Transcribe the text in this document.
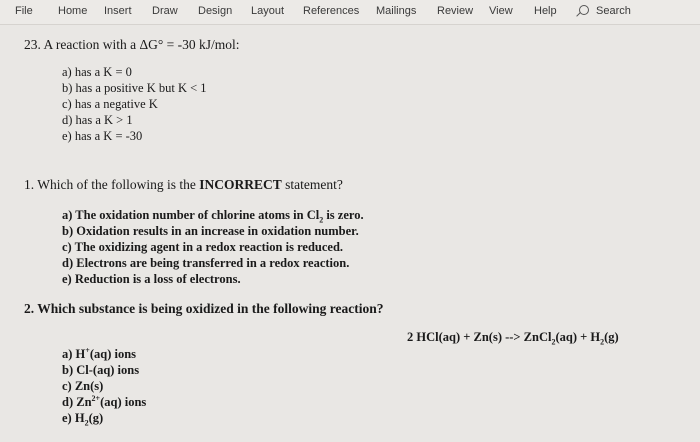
File Home Insert Draw Design Layout References Mailings Review View Help	Search
23. A reaction with a ΔG° = -30 kJ/mol:
a) has a K = 0
b) has a positive K but K < 1
c) has a negative K
d) has a K > 1
e) has a K = -30
1. Which of the following is the INCORRECT statement?
a) The oxidation number of chlorine atoms in $Cl_2$ is zero.
b) Oxidation results in an increase in oxidation number.
c) The oxidizing agent in a redox reaction is reduced.
d) Electrons are being transferred in a redox reaction.
e) Reduction is a loss of electrons.
2. Which substance is being oxidized in the following reaction?
2 HCl(aq) + Zn(s) --> ZnCl$_2$(aq) + $H_2(g)$
a) H+(aq) ions
b) Cl-(aq) ions
c) Zn(s)
d) $Zn^{2+}(aq)$ ions
e) $H_2(g)$
